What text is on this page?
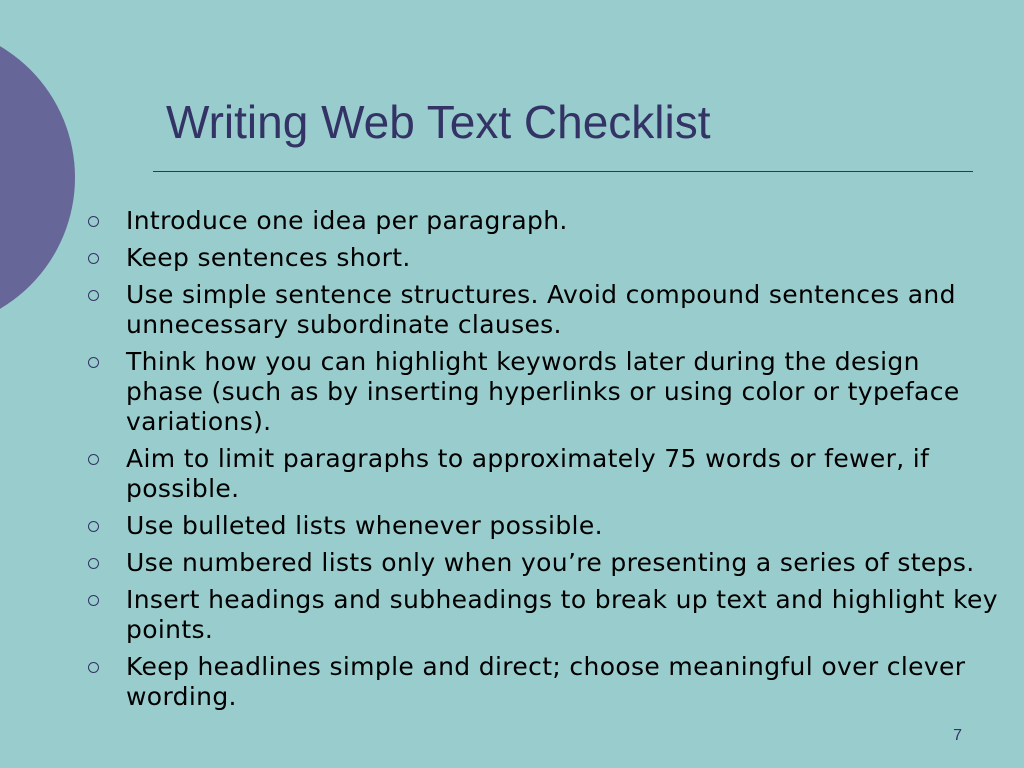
Writing Web Text Checklist
Introduce one idea per paragraph.
Keep sentences short.
Use simple sentence structures. Avoid compound sentences and unnecessary subordinate clauses.
Think how you can highlight keywords later during the design phase (such as by inserting hyperlinks or using color or typeface variations).
Aim to limit paragraphs to approximately 75 words or fewer, if possible.
Use bulleted lists whenever possible.
Use numbered lists only when you’re presenting a series of steps.
Insert headings and subheadings to break up text and highlight key points.
Keep headlines simple and direct; choose meaningful over clever wording.
7
